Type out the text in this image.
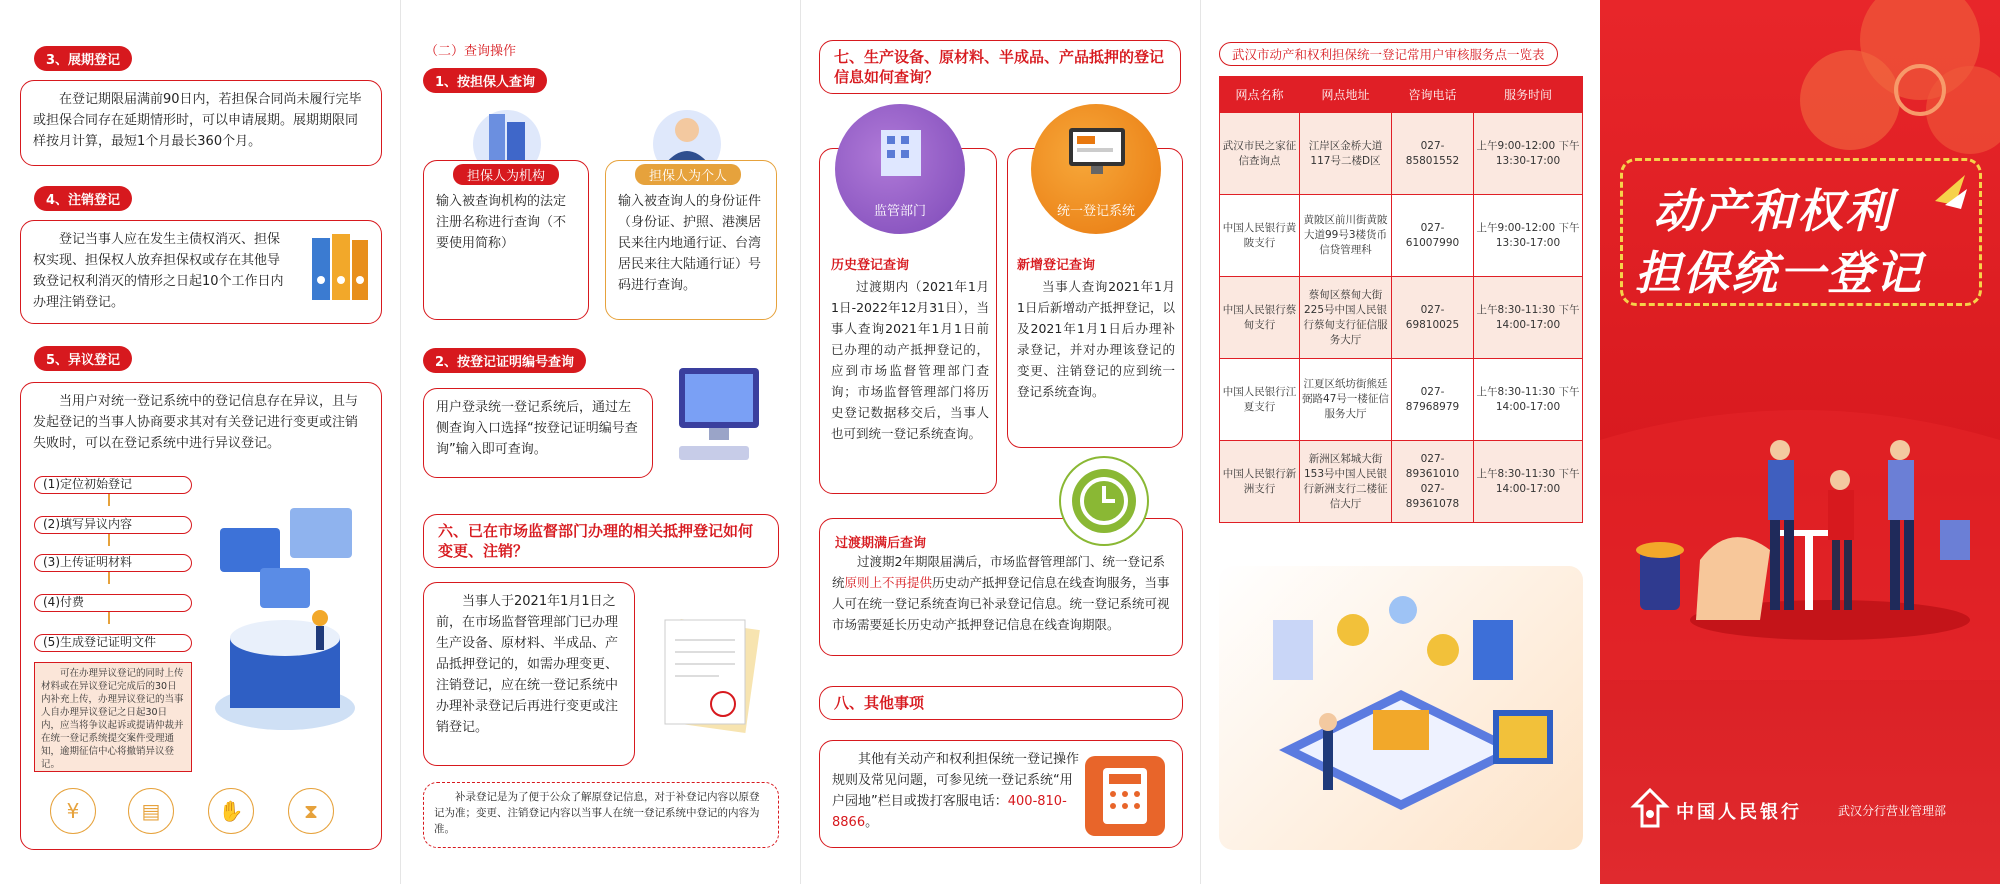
3、展期登记

在登记期限届满前90日内，若担保合同尚未履行完毕或担保合同存在延期情形时，可以申请展期。展期期限同样按月计算，最短1个月最长360个月。

4、注销登记

登记当事人应在发生主债权消灭、担保权实现、担保权人放弃担保权或存在其他导致登记权利消灭的情形之日起10个工作日内办理注销登记。

5、异议登记

当用户对统一登记系统中的登记信息存在异议，且与发起登记的当事人协商要求其对有关登记进行变更或注销失败时，可以在登记系统中进行异议登记。

(1)定位初始登记
(2)填写异议内容
(3)上传证明材料
(4)付费
(5)生成登记证明文件
可在办理异议登记的同时上传材料或在异议登记完成后的30日内补充上传，办理异议登记的当事人自办理异议登记之日起30日内，应当将争议起诉或提请仲裁并在统一登记系统提交案件受理通知，逾期征信中心将撤销异议登记。
¥	▤	✋	⧗
（二）查询操作
1、按担保人查询
输入被查询机构的法定注册名称进行查询（不要使用简称）
担保人为机构
输入被查询人的身份证件（身份证、护照、港澳居民来往内地通行证、台湾居民来往大陆通行证）号码进行查询。
担保人为个人
2、按登记证明编号查询
用户登录统一登记系统后，通过左侧查询入口选择“按登记证明编号查询”输入即可查询。
六、已在市场监督部门办理的相关抵押登记如何变更、注销？

当事人于2021年1月1日之前，在市场监督管理部门已办理生产设备、原材料、半成品、产品抵押登记的，如需办理变更、注销登记，应在统一登记系统中办理补录登记后再进行变更或注销登记。

补录登记是为了便于公众了解原登记信息，对于补登记内容以原登记为准；变更、注销登记内容以当事人在统一登记系统中登记的内容为准。

七、生产设备、原材料、半成品、产品抵押的登记信息如何查询？
监管部门	统一登记系统
历史登记查询
过渡期内（2021年1月1日-2022年12月31日），当事人查询2021年1月1日前已办理的动产抵押登记的，应到市场监督管理部门查询；市场监督管理部门将历史登记数据移交后，当事人也可到统一登记系统查询。
新增登记查询
当事人查询2021年1月1日后新增动产抵押登记，以及2021年1月1日后办理补录登记，并对办理该登记的变更、注销登记的应到统一登记系统查询。

过渡期2年期限届满后，市场监督管理部门、统一登记系统原则上不再提供历史动产抵押登记信息在线查询服务，当事人可在统一登记系统查询已补录登记信息。统一登记系统可视市场需要延长历史动产抵押登记信息在线查询期限。

过渡期满后查询
八、其他事项

其他有关动产和权利担保统一登记操作规则及常见问题，可参见统一登记系统“用户园地”栏目或拨打客服电话：400-810-8866。

武汉市动产和权利担保统一登记常用户审核服务点一览表
网点名称	网点地址	咨询电话	服务时间
武汉市民之家征信查询点	江岸区金桥大道117号二楼D区	027-85801552	上午9:00-12:00 下午13:30-17:00
中国人民银行黄陂支行	黄陂区前川街黄陂大道99号3楼货币信贷管理科	027-61007990	上午9:00-12:00 下午13:30-17:00
中国人民银行蔡甸支行	蔡甸区蔡甸大街225号中国人民银行蔡甸支行征信服务大厅	027-69810025	上午8:30-11:30 下午14:00-17:00
中国人民银行江夏支行	江夏区纸坊街熊廷弼路47号一楼征信服务大厅	027-87968979	上午8:30-11:30 下午14:00-17:00
中国人民银行新洲支行	新洲区邾城大街153号中国人民银行新洲支行二楼征信大厅	027-89361010 027-89361078	上午8:30-11:30 下午14:00-17:00
动产和权利
担保统一登记
中国人民银行	武汉分行营业管理部
